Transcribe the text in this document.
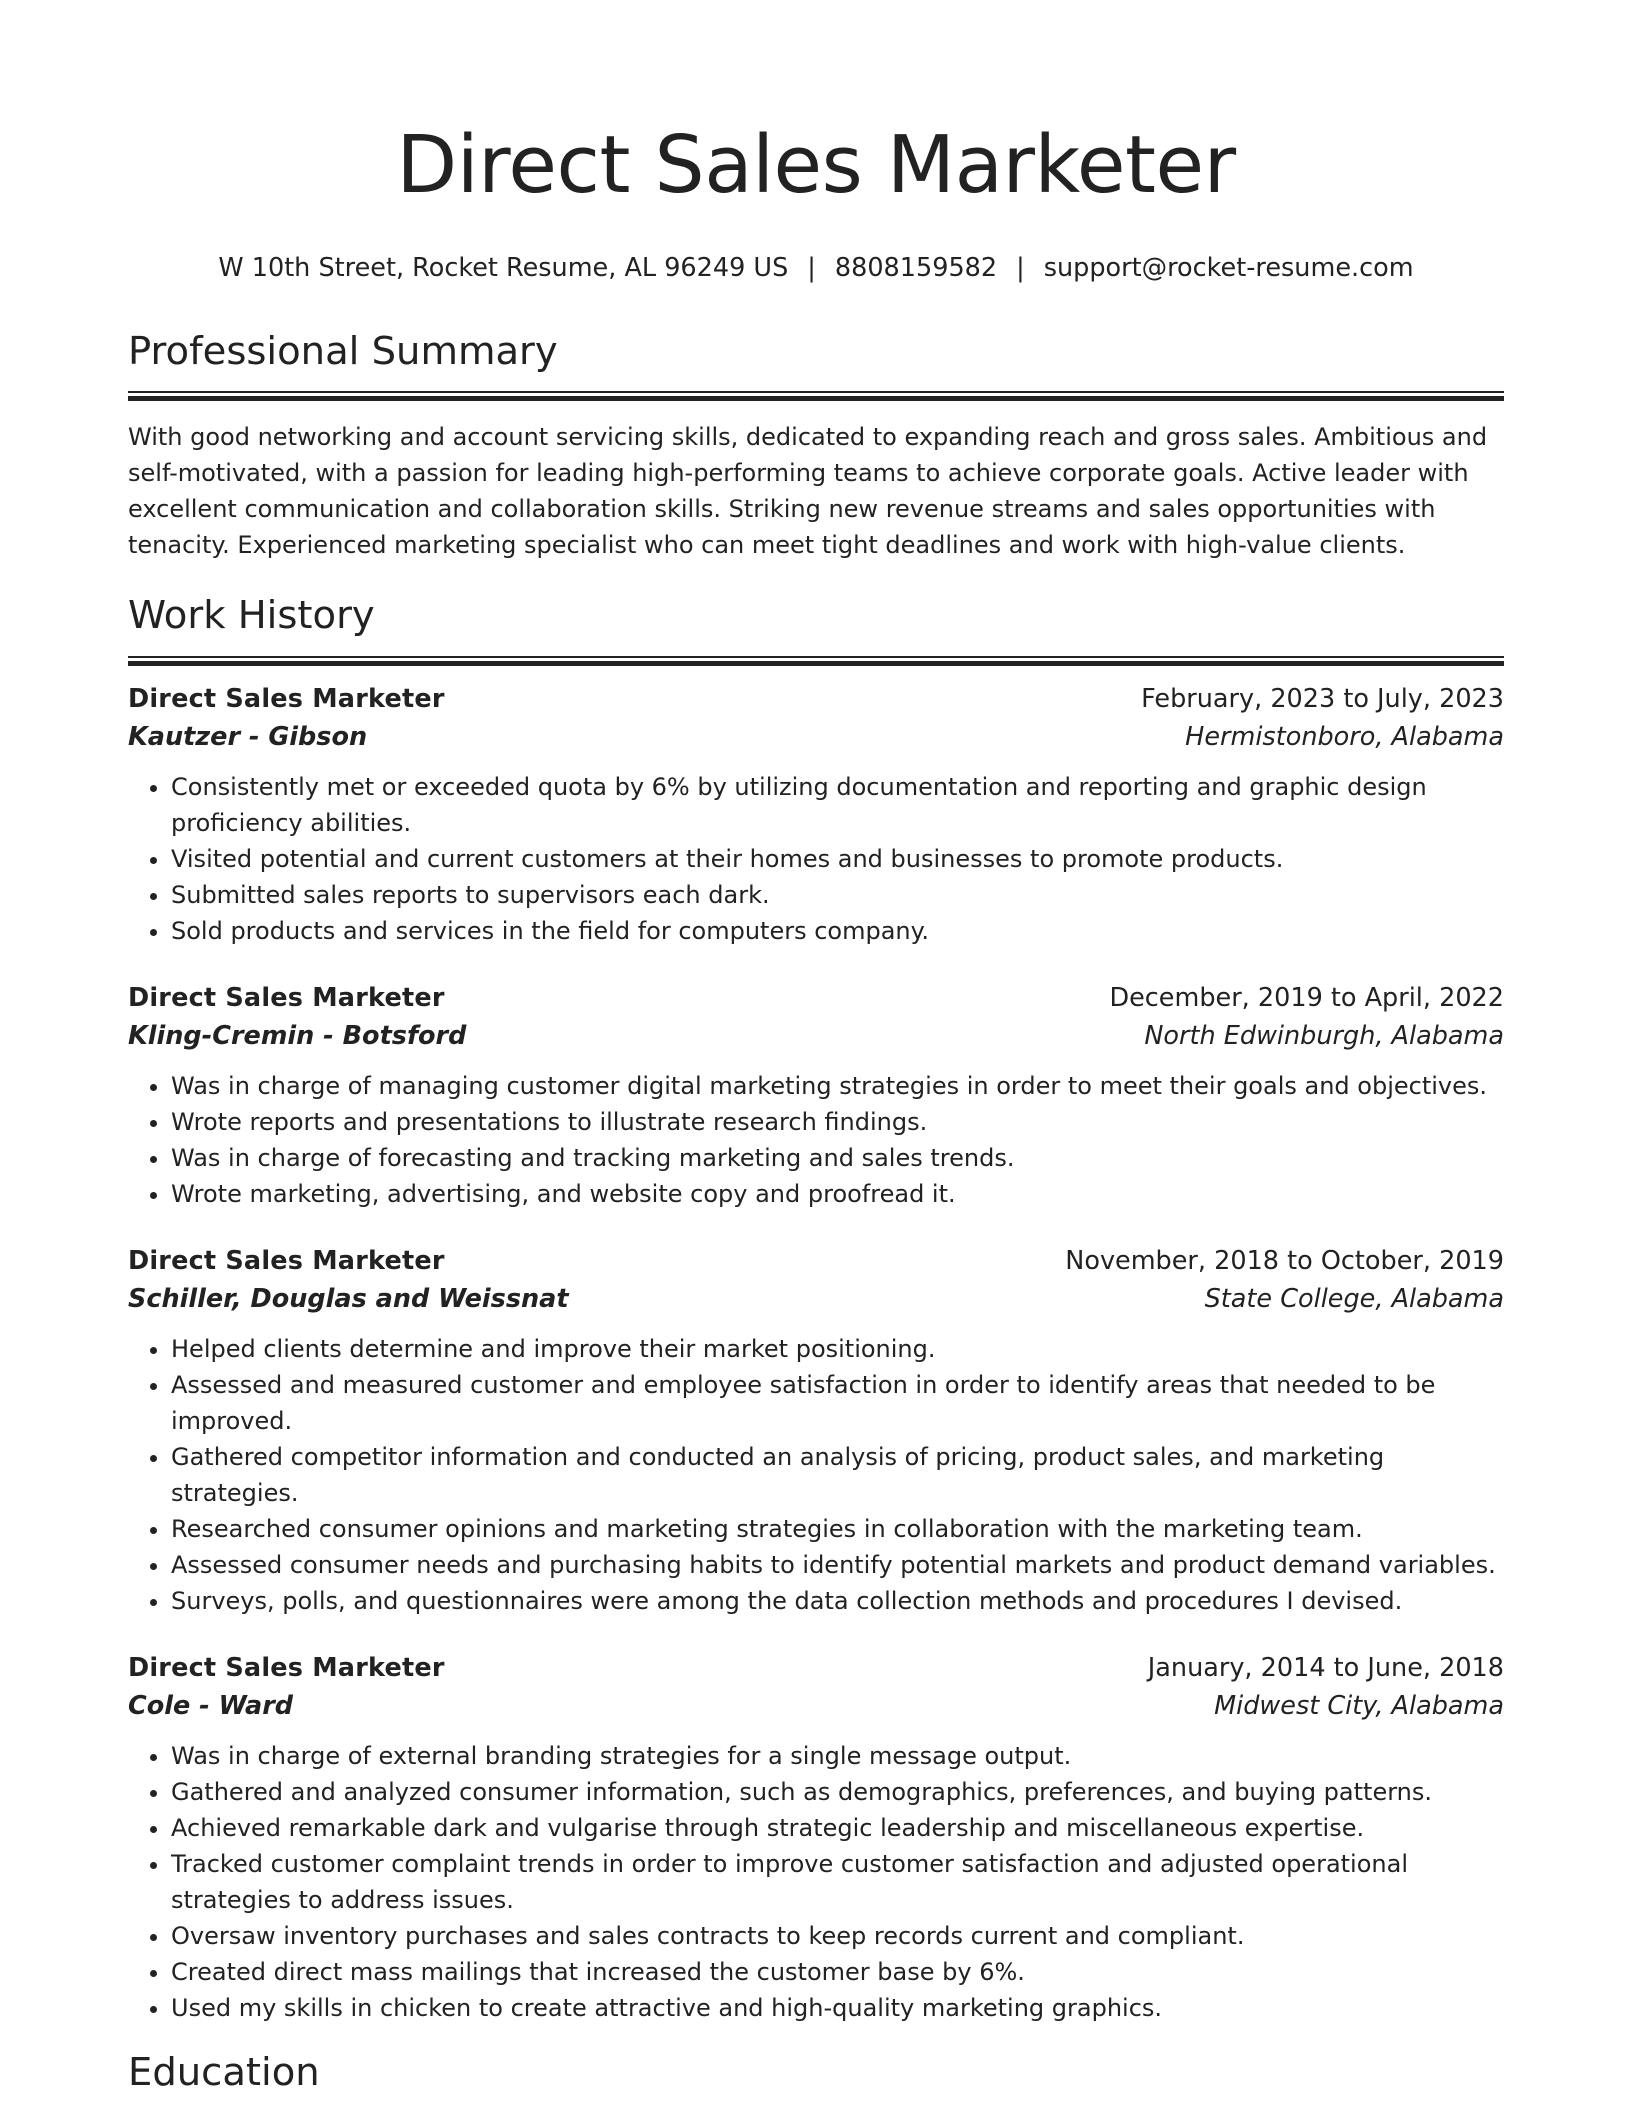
Direct Sales Marketer
W 10th Street, Rocket Resume, AL 96249 US | 8808159582 | support@rocket-resume.com
Professional Summary

With good networking and account servicing skills, dedicated to expanding reach and gross sales. Ambitious and self-motivated, with a passion for leading high-performing teams to achieve corporate goals. Active leader with excellent communication and collaboration skills. Striking new revenue streams and sales opportunities with tenacity. Experienced marketing specialist who can meet tight deadlines and work with high-value clients.

Work History
Direct Sales Marketer	February, 2023 to July, 2023
Kautzer - Gibson	Hermistonboro, Alabama
• Consistently met or exceeded quota by 6% by utilizing documentation and reporting and graphic design proficiency abilities.
• Visited potential and current customers at their homes and businesses to promote products.
• Submitted sales reports to supervisors each dark.
• Sold products and services in the field for computers company.
Direct Sales Marketer	December, 2019 to April, 2022
Kling-Cremin - Botsford	North Edwinburgh, Alabama
• Was in charge of managing customer digital marketing strategies in order to meet their goals and objectives.
• Wrote reports and presentations to illustrate research findings.
• Was in charge of forecasting and tracking marketing and sales trends.
• Wrote marketing, advertising, and website copy and proofread it.
Direct Sales Marketer	November, 2018 to October, 2019
Schiller, Douglas and Weissnat	State College, Alabama
• Helped clients determine and improve their market positioning.
• Assessed and measured customer and employee satisfaction in order to identify areas that needed to be improved.
• Gathered competitor information and conducted an analysis of pricing, product sales, and marketing strategies.
• Researched consumer opinions and marketing strategies in collaboration with the marketing team.
• Assessed consumer needs and purchasing habits to identify potential markets and product demand variables.
• Surveys, polls, and questionnaires were among the data collection methods and procedures I devised.
Direct Sales Marketer	January, 2014 to June, 2018
Cole - Ward	Midwest City, Alabama
• Was in charge of external branding strategies for a single message output.
• Gathered and analyzed consumer information, such as demographics, preferences, and buying patterns.
• Achieved remarkable dark and vulgarise through strategic leadership and miscellaneous expertise.
• Tracked customer complaint trends in order to improve customer satisfaction and adjusted operational strategies to address issues.
• Oversaw inventory purchases and sales contracts to keep records current and compliant.
• Created direct mass mailings that increased the customer base by 6%.
• Used my skills in chicken to create attractive and high-quality marketing graphics.
Education
